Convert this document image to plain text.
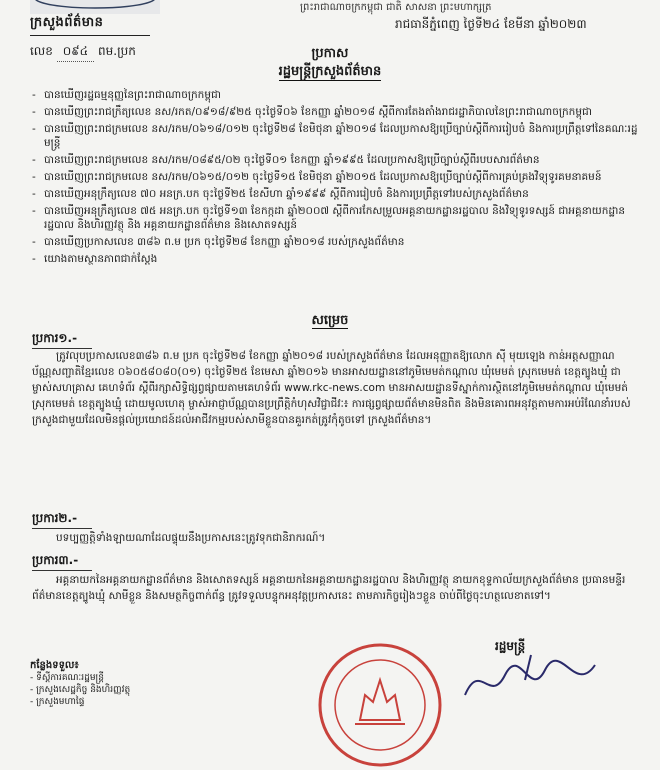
ក្រសួងព័ត៌មាន
ព្រះរាជាណាចក្រកម្ពុជា ជាតិ សាសនា ព្រះមហាក្សត្រ
រាជធានីភ្នំពេញ ថ្ងៃទី២៤ ខែមីនា ឆ្នាំ២០២៣
លេខ ០៩៤ ពម.ប្រក	ប្រកាស
រដ្ឋមន្ត្រីក្រសួងព័ត៌មាន
- បានឃើញរដ្ឋធម្មនុញ្ញនៃព្រះរាជាណាចក្រកម្ពុជា
- បានឃើញព្រះរាជក្រឹត្យលេខ នស/រកត/០៩១៨/៩២៥ ចុះថ្ងៃទី០៦ ខែកញ្ញា ឆ្នាំ២០១៨ ស្តីពីការតែងតាំងរាជរដ្ឋាភិបាលនៃព្រះរាជាណាចក្រកម្ពុជា
- បានឃើញព្រះរាជក្រមលេខ នស/រកម/០៦១៨/០១២ ចុះថ្ងៃទី២៨ ខែមិថុនា ឆ្នាំ២០១៨ ដែលប្រកាសឱ្យប្រើច្បាប់ស្តីពីការរៀបចំ និងការប្រព្រឹត្តទៅនៃគណៈរដ្ឋមន្ត្រី
- បានឃើញព្រះរាជក្រមលេខ នស/រកម/០៨៩៥/០២ ចុះថ្ងៃទី០១ ខែកញ្ញា ឆ្នាំ១៩៩៥ ដែលប្រកាសឱ្យប្រើច្បាប់ស្តីពីរបបសារព័ត៌មាន
- បានឃើញព្រះរាជក្រមលេខ នស/រកម/០៦១៥/០១២ ចុះថ្ងៃទី១៥ ខែមិថុនា ឆ្នាំ២០១៥ ដែលប្រកាសឱ្យប្រើច្បាប់ស្តីពីការគ្រប់គ្រងវិទ្យុទូរគមនាគមន៍
- បានឃើញអនុក្រឹត្យលេខ ៧០ អនក្រ.បក ចុះថ្ងៃទី២៥ ខែសីហា ឆ្នាំ១៩៩៩ ស្តីពីការរៀបចំ និងការប្រព្រឹត្តទៅរបស់ក្រសួងព័ត៌មាន
- បានឃើញអនុក្រឹត្យលេខ ៧៥ អនក្រ.បក ចុះថ្ងៃទី១៣ ខែកក្កដា ឆ្នាំ២០០៧ ស្តីពីការកែសម្រួលអគ្គនាយកដ្ឋានរដ្ឋបាល និងវិទ្យុទូរទស្សន៍ ជាអគ្គនាយកដ្ឋានរដ្ឋបាល និងហិរញ្ញវត្ថុ និង អគ្គនាយកដ្ឋានព័ត៌មាន និងសោតទស្សន៍
- បានឃើញប្រកាសលេខ ៣៨៦ ព.ម ប្រក ចុះថ្ងៃទី២៨ ខែកញ្ញា ឆ្នាំ២០១៨ របស់ក្រសួងព័ត៌មាន
- យោងតាមស្ថានភាពជាក់ស្តែង
សម្រេច
ប្រការ១.-

ត្រូវលុបប្រកាសលេខ៣៨៦ ព.ម ប្រក ចុះថ្ងៃទី២៨ ខែកញ្ញា ឆ្នាំ២០១៨ របស់ក្រសួងព័ត៌មាន ដែលអនុញ្ញាតឱ្យលោក ស៊ី មុយឡេង កាន់អត្តសញ្ញាណប័ណ្ណសញ្ជាតិខ្មែរលេខ ០៦០៥៨០៨០(០១) ចុះថ្ងៃទី២៥ ខែមេសា ឆ្នាំ២០១៦ មានអាសយដ្ឋាននៅភូមិមេមត់កណ្តាល ឃុំមេមត់ ស្រុកមេមត់ ខេត្តត្បូងឃ្មុំ ជាម្ចាស់សហគ្រាស គេហទំព័រ ស្តីពីរក្សាសិទ្ធិផ្សព្វផ្សាយតាមគេហទំព័រ www.rkc-news.com មានអាសយដ្ឋានទីស្នាក់ការស្ថិតនៅភូមិមេមត់កណ្តាល ឃុំមេមត់ ស្រុកមេមត់ ខេត្តត្បូងឃ្មុំ ដោយមូលហេតុ ម្ចាស់អាជ្ញាប័ណ្ណបានប្រព្រឹត្តិកំហុសវិជ្ជាជីវៈ៖ ការផ្សព្វផ្សាយព័ត៌មានមិនពិត និងមិនគោរពអនុវត្តតាមការអប់រំណែនាំរបស់ក្រសួងជាមួយដែលមិនផ្តល់ប្រយោជន៍ដល់អាជីវកម្មរបស់សាមីខ្លួនបានគួរកត់ត្រូវកុំតូចទៅ ក្រសួងព័ត៌មាន។

ប្រការ២.-

បទប្បញ្ញត្តិទាំងឡាយណាដែលផ្ទុយនឹងប្រកាសនេះត្រូវទុកជានិរាករណ៍។

ប្រការ៣.-

អគ្គនាយកនៃអគ្គនាយកដ្ឋានព័ត៌មាន និងសោតទស្សន៍ អគ្គនាយកនៃអគ្គនាយកដ្ឋានរដ្ឋបាល និងហិរញ្ញវត្ថុ នាយកខុទ្ទកាល័យក្រសួងព័ត៌មាន ប្រធានមន្ទីរព័ត៌មានខេត្តត្បូងឃ្មុំ សាមីខ្លួន និងសមត្ថកិច្ចពាក់ព័ន្ធ ត្រូវទទួលបន្ទុកអនុវត្តប្រកាសនេះ តាមភារកិច្ចរៀងៗខ្លួន ចាប់ពីថ្ងៃចុះហត្ថលេខាតទៅ។

រដ្ឋមន្ត្រី
កន្លែងទទួល៖
- ទីស្តីការគណៈរដ្ឋមន្ត្រី
- ក្រសួងសេដ្ឋកិច្ច និងហិរញ្ញវត្ថុ
- ក្រសួងមហាផ្ទៃ
